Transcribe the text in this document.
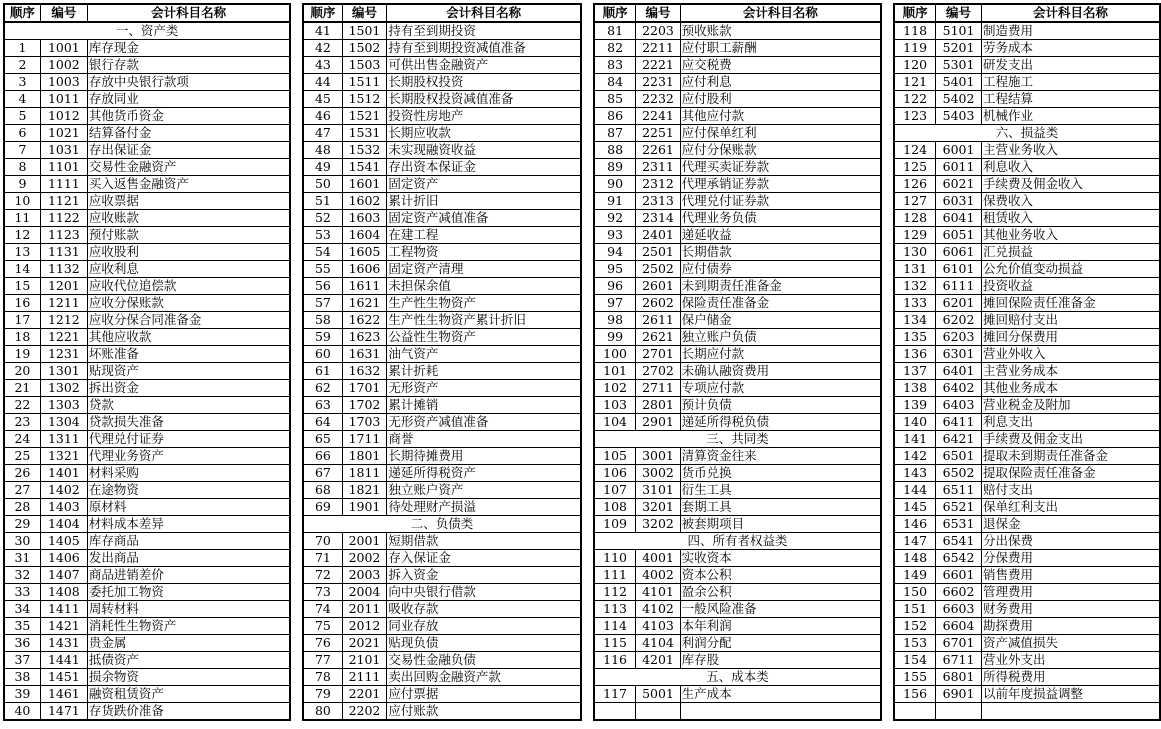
顺序	编号	会计科目名称
一、资产类		
1	1001	库存现金
2	1002	银行存款
3	1003	存放中央银行款项
4	1011	存放同业
5	1012	其他货币资金
6	1021	结算备付金
7	1031	存出保证金
8	1101	交易性金融资产
9	1111	买入返售金融资产
10	1121	应收票据
11	1122	应收账款
12	1123	预付账款
13	1131	应收股利
14	1132	应收利息
15	1201	应收代位追偿款
16	1211	应收分保账款
17	1212	应收分保合同准备金
18	1221	其他应收款
19	1231	坏账准备
20	1301	贴现资产
21	1302	拆出资金
22	1303	贷款
23	1304	贷款损失准备
24	1311	代理兑付证券
25	1321	代理业务资产
26	1401	材料采购
27	1402	在途物资
28	1403	原材料
29	1404	材料成本差异
30	1405	库存商品
31	1406	发出商品
32	1407	商品进销差价
33	1408	委托加工物资
34	1411	周转材料
35	1421	消耗性生物资产
36	1431	贵金属
37	1441	抵债资产
38	1451	损余物资
39	1461	融资租赁资产
40	1471	存货跌价准备
顺序	编号	会计科目名称
41	1501	持有至到期投资
42	1502	持有至到期投资减值准备
43	1503	可供出售金融资产
44	1511	长期股权投资
45	1512	长期股权投资减值准备
46	1521	投资性房地产
47	1531	长期应收款
48	1532	未实现融资收益
49	1541	存出资本保证金
50	1601	固定资产
51	1602	累计折旧
52	1603	固定资产减值准备
53	1604	在建工程
54	1605	工程物资
55	1606	固定资产清理
56	1611	未担保余值
57	1621	生产性生物资产
58	1622	生产性生物资产累计折旧
59	1623	公益性生物资产
60	1631	油气资产
61	1632	累计折耗
62	1701	无形资产
63	1702	累计摊销
64	1703	无形资产减值准备
65	1711	商誉
66	1801	长期待摊费用
67	1811	递延所得税资产
68	1821	独立账户资产
69	1901	待处理财产损溢
二、负债类		
70	2001	短期借款
71	2002	存入保证金
72	2003	拆入资金
73	2004	向中央银行借款
74	2011	吸收存款
75	2012	同业存放
76	2021	贴现负债
77	2101	交易性金融负债
78	2111	卖出回购金融资产款
79	2201	应付票据
80	2202	应付账款
顺序	编号	会计科目名称
81	2203	预收账款
82	2211	应付职工薪酬
83	2221	应交税费
84	2231	应付利息
85	2232	应付股利
86	2241	其他应付款
87	2251	应付保单红利
88	2261	应付分保账款
89	2311	代理买卖证券款
90	2312	代理承销证券款
91	2313	代理兑付证券款
92	2314	代理业务负债
93	2401	递延收益
94	2501	长期借款
95	2502	应付债券
96	2601	未到期责任准备金
97	2602	保险责任准备金
98	2611	保户储金
99	2621	独立账户负债
100	2701	长期应付款
101	2702	未确认融资费用
102	2711	专项应付款
103	2801	预计负债
104	2901	递延所得税负债
三、共同类		
105	3001	清算资金往来
106	3002	货币兑换
107	3101	衍生工具
108	3201	套期工具
109	3202	被套期项目
四、所有者权益类		
110	4001	实收资本
111	4002	资本公积
112	4101	盈余公积
113	4102	一般风险准备
114	4103	本年利润
115	4104	利润分配
116	4201	库存股
五、成本类		
117	5001	生产成本

顺序	编号	会计科目名称
118	5101	制造费用
119	5201	劳务成本
120	5301	研发支出
121	5401	工程施工
122	5402	工程结算
123	5403	机械作业
六、损益类		
124	6001	主营业务收入
125	6011	利息收入
126	6021	手续费及佣金收入
127	6031	保费收入
128	6041	租赁收入
129	6051	其他业务收入
130	6061	汇兑损益
131	6101	公允价值变动损益
132	6111	投资收益
133	6201	摊回保险责任准备金
134	6202	摊回赔付支出
135	6203	摊回分保费用
136	6301	营业外收入
137	6401	主营业务成本
138	6402	其他业务成本
139	6403	营业税金及附加
140	6411	利息支出
141	6421	手续费及佣金支出
142	6501	提取未到期责任准备金
143	6502	提取保险责任准备金
144	6511	赔付支出
145	6521	保单红利支出
146	6531	退保金
147	6541	分出保费
148	6542	分保费用
149	6601	销售费用
150	6602	管理费用
151	6603	财务费用
152	6604	勘探费用
153	6701	资产减值损失
154	6711	营业外支出
155	6801	所得税费用
156	6901	以前年度损益调整
